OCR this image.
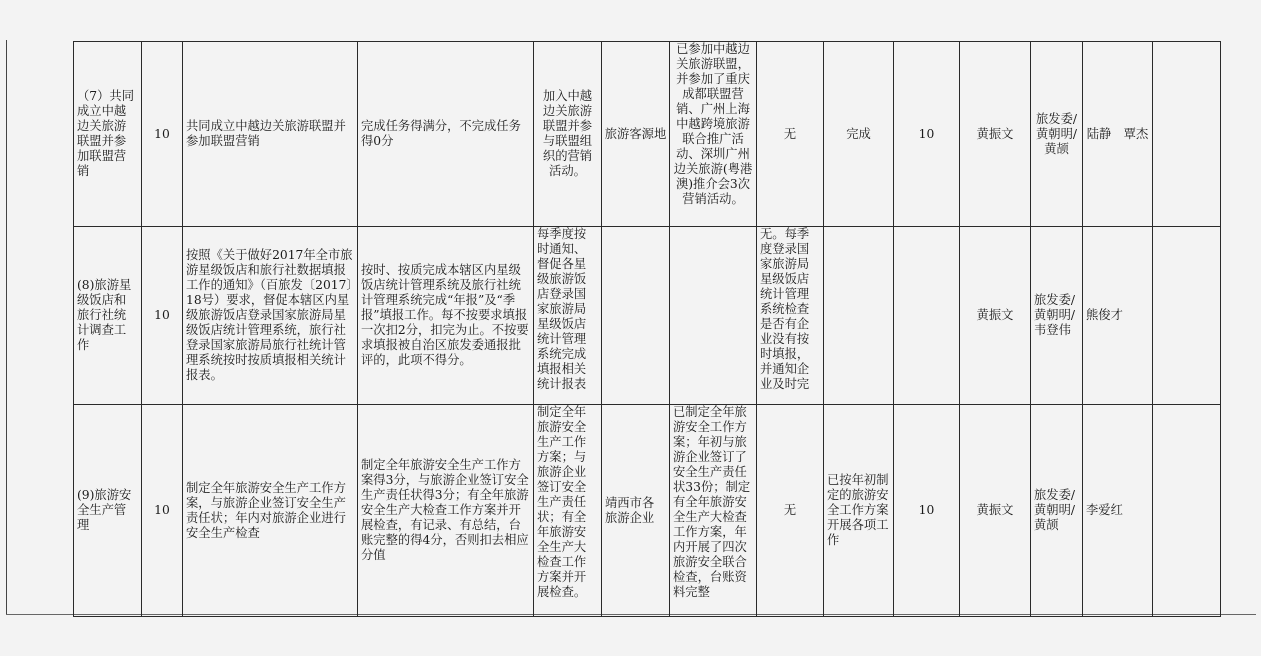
（7）共同成立中越边关旅游联盟并参加联盟营销	10	共同成立中越边关旅游联盟并参加联盟营销	完成任务得满分，不完成任务得0分	加入中越边关旅游联盟并参与联盟组织的营销活动。	旅游客源地	已参加中越边关旅游联盟，并参加了重庆成都联盟营销、广州上海中越跨境旅游联合推广活动、深圳广州边关旅游(粤港澳)推介会3次营销活动。	无	完成	10	黄振文	旅发委/黄朝明/黄颉	陆静　覃杰	
(8)旅游星级饭店和旅行社统计调查工作	10	按照《关于做好2017年全市旅游星级饭店和旅行社数据填报工作的通知》（百旅发〔2017〕18号）要求，督促本辖区内星级旅游饭店登录国家旅游局星级饭店统计管理系统，旅行社登录国家旅游局旅行社统计管理系统按时按质填报相关统计报表。	按时、按质完成本辖区内星级饭店统计管理系统及旅行社统计管理系统完成“年报”及“季报”填报工作。每不按要求填报一次扣2分，扣完为止。不按要求填报被自治区旅发委通报批评的，此项不得分。	每季度按时通知、督促各星级旅游饭店登录国家旅游局星级饭店统计管理系统完成填报相关统计报表			无。每季度登录国家旅游局星级饭店统计管理系统检查是否有企业没有按时填报，并通知企业及时完			黄振文	旅发委/黄朝明/韦登伟	熊俊才	
(9)旅游安全生产管理	10	制定全年旅游安全生产工作方案，与旅游企业签订安全生产责任状；年内对旅游企业进行安全生产检查	制定全年旅游安全生产工作方案得3分，与旅游企业签订安全生产责任状得3分；有全年旅游安全生产大检查工作方案并开展检查，有记录、有总结，台账完整的得4分，否则扣去相应分值	制定全年旅游安全生产工作方案；与旅游企业签订安全生产责任状；有全年旅游安全生产大检查工作方案并开展检查。	靖西市各旅游企业	已制定全年旅游安全工作方案；年初与旅游企业签订了安全生产责任状33份；制定有全年旅游安全生产大检查工作方案，年内开展了四次旅游安全联合检查，台账资料完整	无	已按年初制定的旅游安全工作方案开展各项工作	10	黄振文	旅发委/黄朝明/黄颉	李爱红	
